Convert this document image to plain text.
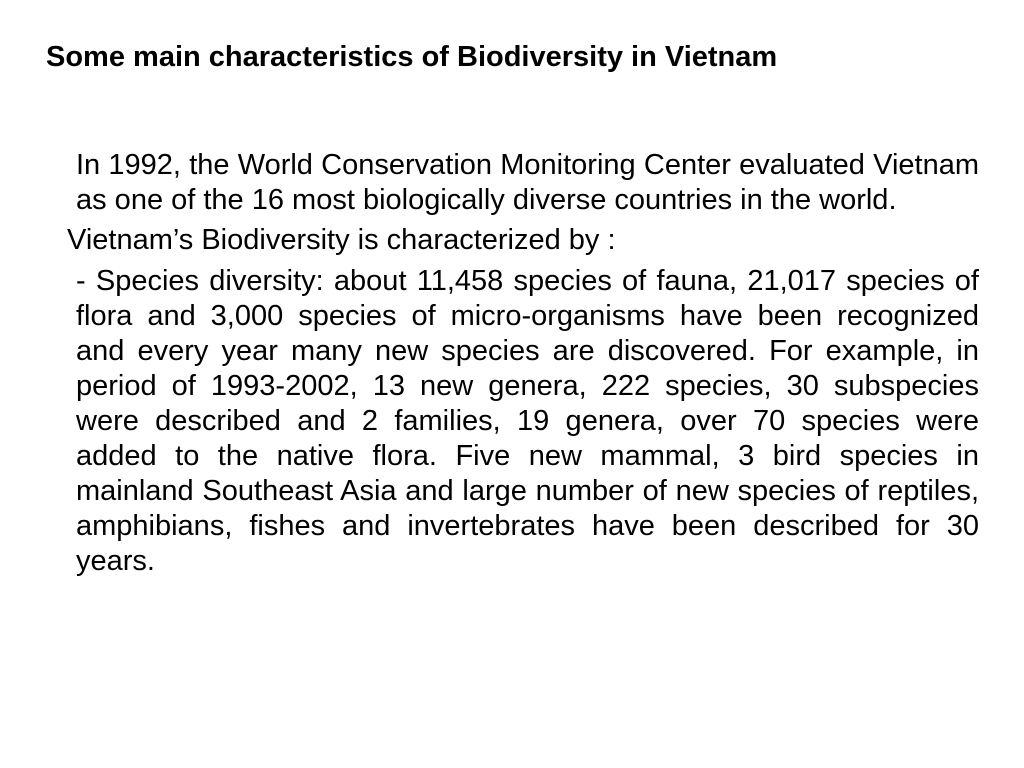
Some main characteristics of Biodiversity in Vietnam

In 1992, the World Conservation Monitoring Center evaluated Vietnam as one of the 16 most biologically diverse countries in the world.

Vietnam’s Biodiversity is characterized by :

- Species diversity: about 11,458 species of fauna, 21,017 species of flora and 3,000 species of micro-organisms have been recognized and every year many new species are discovered. For example, in period of 1993-2002, 13 new genera, 222 species, 30 subspecies were described and 2 families, 19 genera, over 70 species were added to the native flora. Five new mammal, 3 bird species in mainland Southeast Asia and large number of new species of reptiles, amphibians, fishes and invertebrates have been described for 30 years.
